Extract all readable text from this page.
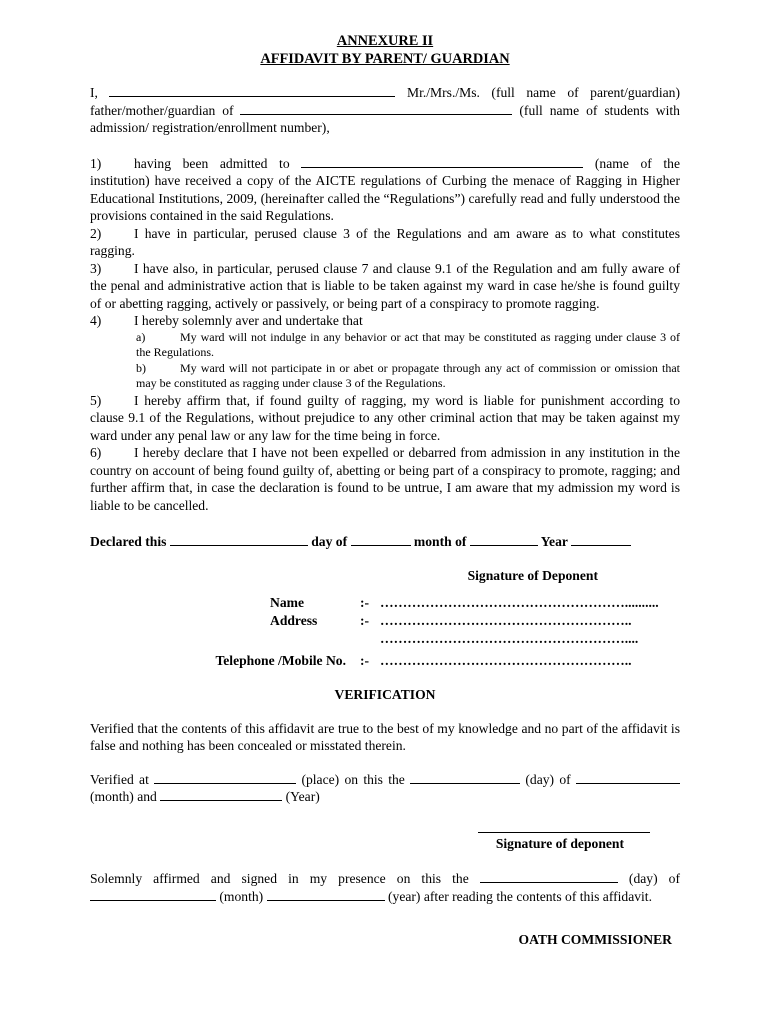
ANNEXURE II
AFFIDAVIT BY PARENT/ GUARDIAN

I,	Mr./Mrs./Ms. (full name of parent/guardian) father/mother/guardian of	(full name of students with admission/ registration/enrollment number),

1) having been admitted to	(name of the institution) have received a copy of the AICTE regulations of Curbing the menace of Ragging in Higher Educational Institutions, 2009, (hereinafter called the “Regulations”) carefully read and fully understood the provisions contained in the said Regulations.

2) I have in particular, perused clause 3 of the Regulations and am aware as to what constitutes ragging.

3) I have also, in particular, perused clause 7 and clause 9.1 of the Regulation and am fully aware of the penal and administrative action that is liable to be taken against my ward in case he/she is found guilty of or abetting ragging, actively or passively, or being part of a conspiracy to promote ragging.

4) I hereby solemnly aver and undertake that

a)	My ward will not indulge in any behavior or act that may be constituted as ragging under clause 3 of the Regulations.

b)	My ward will not participate in or abet or propagate through any act of commission or omission that may be constituted as ragging under clause 3 of the Regulations.

5) I hereby affirm that, if found guilty of ragging, my word is liable for punishment according to clause 9.1 of the Regulations, without prejudice to any other criminal action that may be taken against my ward under any penal law or any law for the time being in force.

6) I hereby declare that I have not been expelled or debarred from admission in any institution in the country on account of being found guilty of, abetting or being part of a conspiracy to promote, ragging; and further affirm that, in case the declaration is found to be untrue, I am aware that my admission my word is liable to be cancelled.

Declared this	day of	month of	Year

Signature of Deponent
Name	:- ………………………………………………..........
Address	:- ………………………………………………..
………………………………………………....
Telephone /Mobile No.	:- ………………………………………………..
VERIFICATION

Verified that the contents of this affidavit are true to the best of my knowledge and no part of the affidavit is false and nothing has been concealed or misstated therein.

Verified at	(place) on this the	(day) of  (month) and	(Year)

Signature of deponent

Solemnly affirmed and signed in my presence on this the	(day) of  (month)	(year) after reading the contents of this affidavit.

OATH COMMISSIONER
